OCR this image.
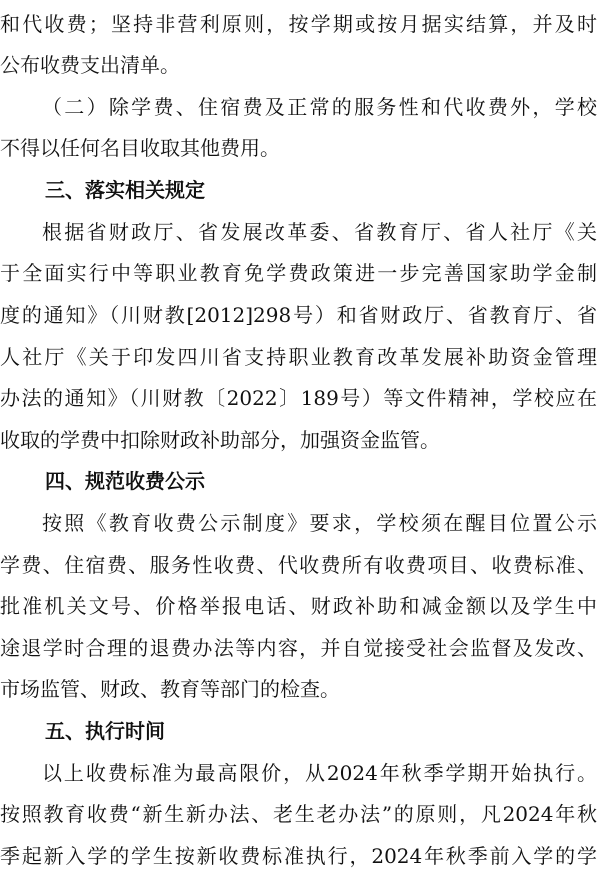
和代收费；坚持非营利原则，按学期或按月据实结算，并及时
公布收费支出清单。
（二）除学费、住宿费及正常的服务性和代收费外，学校
不得以任何名目收取其他费用。
三、落实相关规定
根据省财政厅、省发展改革委、省教育厅、省人社厅《关
于全面实行中等职业教育免学费政策进一步完善国家助学金制
度的通知》（川财教[2012]298号）和省财政厅、省教育厅、省
人社厅《关于印发四川省支持职业教育改革发展补助资金管理
办法的通知》（川财教〔2022〕189号）等文件精神，学校应在
收取的学费中扣除财政补助部分，加强资金监管。
四、规范收费公示
按照《教育收费公示制度》要求，学校须在醒目位置公示
学费、住宿费、服务性收费、代收费所有收费项目、收费标准、
批准机关文号、价格举报电话、财政补助和减金额以及学生中
途退学时合理的退费办法等内容，并自觉接受社会监督及发改、
市场监管、财政、教育等部门的检查。
五、执行时间
以上收费标准为最高限价，从2024年秋季学期开始执行。
按照教育收费“新生新办法、老生老办法”的原则，凡2024年秋
季起新入学的学生按新收费标准执行，2024年秋季前入学的学
